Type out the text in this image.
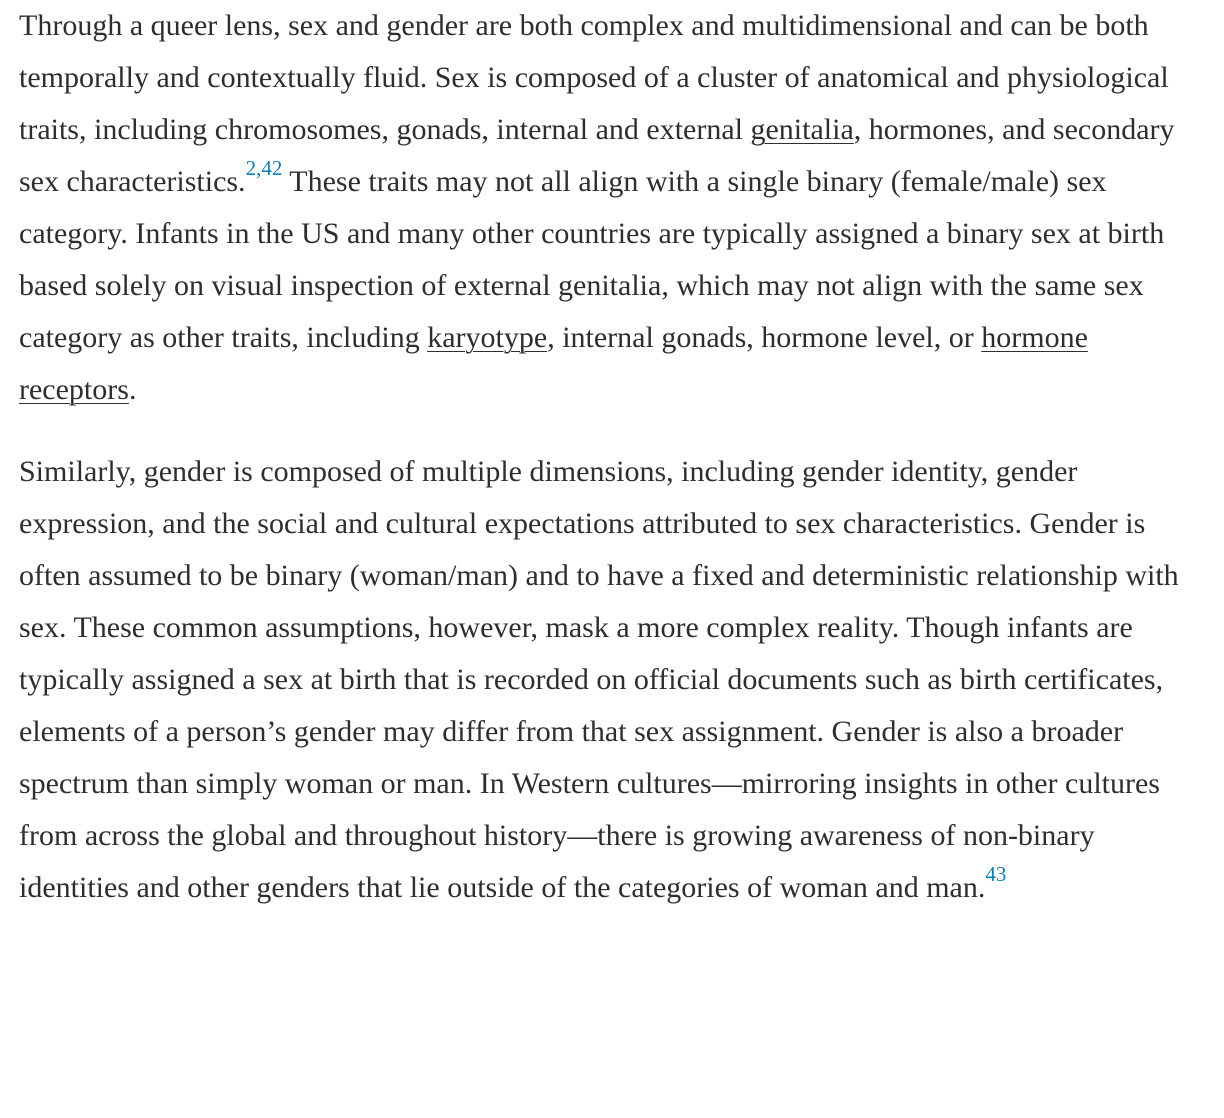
Through a queer lens, sex and gender are both complex and multidimensional and can be both temporally and contextually fluid. Sex is composed of a cluster of anatomical and physiological traits, including chromosomes, gonads, internal and external genitalia, hormones, and secondary sex characteristics.$^{2,42}$ These traits may not all align with a single binary (female/male) sex category. Infants in the US and many other countries are typically assigned a binary sex at birth based solely on visual inspection of external genitalia, which may not align with the same sex category as other traits, including karyotype, internal gonads, hormone level, or hormone receptors.

Similarly, gender is composed of multiple dimensions, including gender identity, gender expression, and the social and cultural expectations attributed to sex characteristics. Gender is often assumed to be binary (woman/man) and to have a fixed and deterministic relationship with sex. These common assumptions, however, mask a more complex reality. Though infants are typically assigned a sex at birth that is recorded on official documents such as birth certificates, elements of a person’s gender may differ from that sex assignment. Gender is also a broader spectrum than simply woman or man. In Western cultures—mirroring insights in other cultures from across the global and throughout history—there is growing awareness of non-binary identities and other genders that lie outside of the categories of woman and man.$^{43}$
